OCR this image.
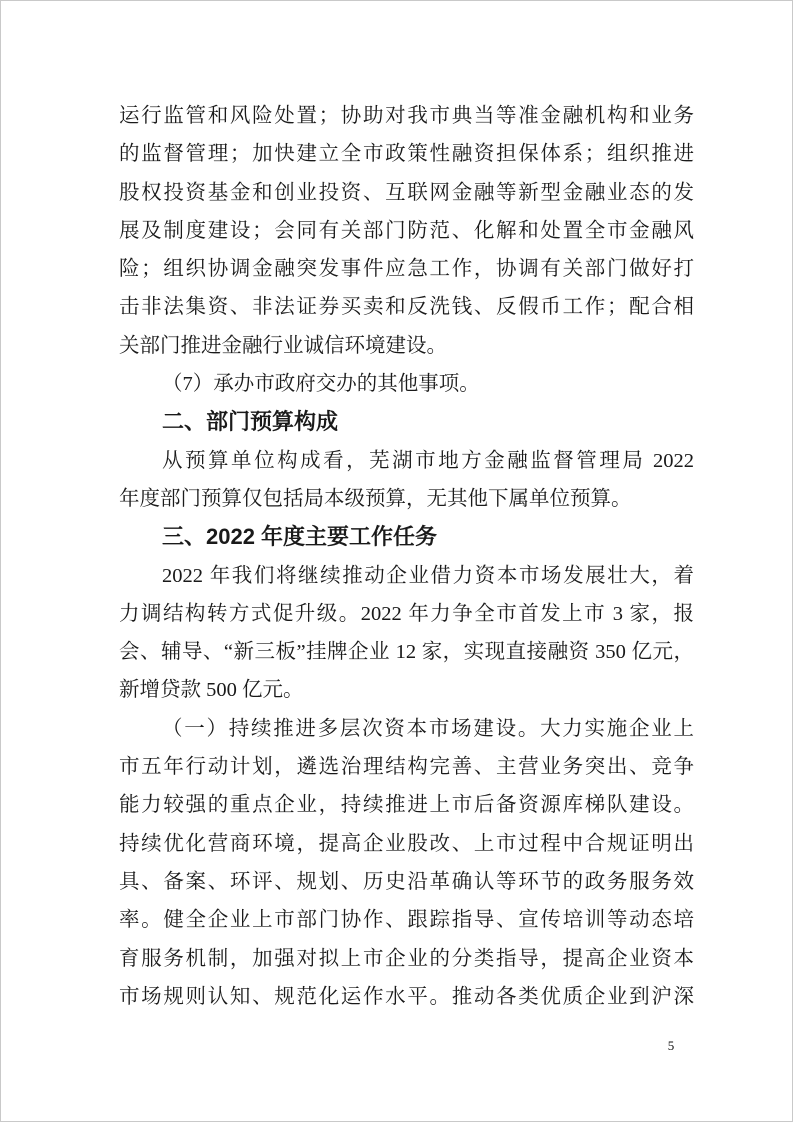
运行监管和风险处置；协助对我市典当等准金融机构和业务
的监督管理；加快建立全市政策性融资担保体系；组织推进
股权投资基金和创业投资、互联网金融等新型金融业态的发
展及制度建设；会同有关部门防范、化解和处置全市金融风
险；组织协调金融突发事件应急工作，协调有关部门做好打
击非法集资、非法证券买卖和反洗钱、反假币工作；配合相
关部门推进金融行业诚信环境建设。
（7）承办市政府交办的其他事项。
二、部门预算构成
从预算单位构成看，芜湖市地方金融监督管理局 2022
年度部门预算仅包括局本级预算，无其他下属单位预算。
三、2022 年度主要工作任务
2022 年我们将继续推动企业借力资本市场发展壮大，着
力调结构转方式促升级。2022 年力争全市首发上市 3 家，报
会、辅导、“新三板”挂牌企业 12 家，实现直接融资 350 亿元，
新增贷款 500 亿元。
（一）持续推进多层次资本市场建设。大力实施企业上
市五年行动计划，遴选治理结构完善、主营业务突出、竞争
能力较强的重点企业，持续推进上市后备资源库梯队建设。
持续优化营商环境，提高企业股改、上市过程中合规证明出
具、备案、环评、规划、历史沿革确认等环节的政务服务效
率。健全企业上市部门协作、跟踪指导、宣传培训等动态培
育服务机制，加强对拟上市企业的分类指导，提高企业资本
市场规则认知、规范化运作水平。推动各类优质企业到沪深
5
